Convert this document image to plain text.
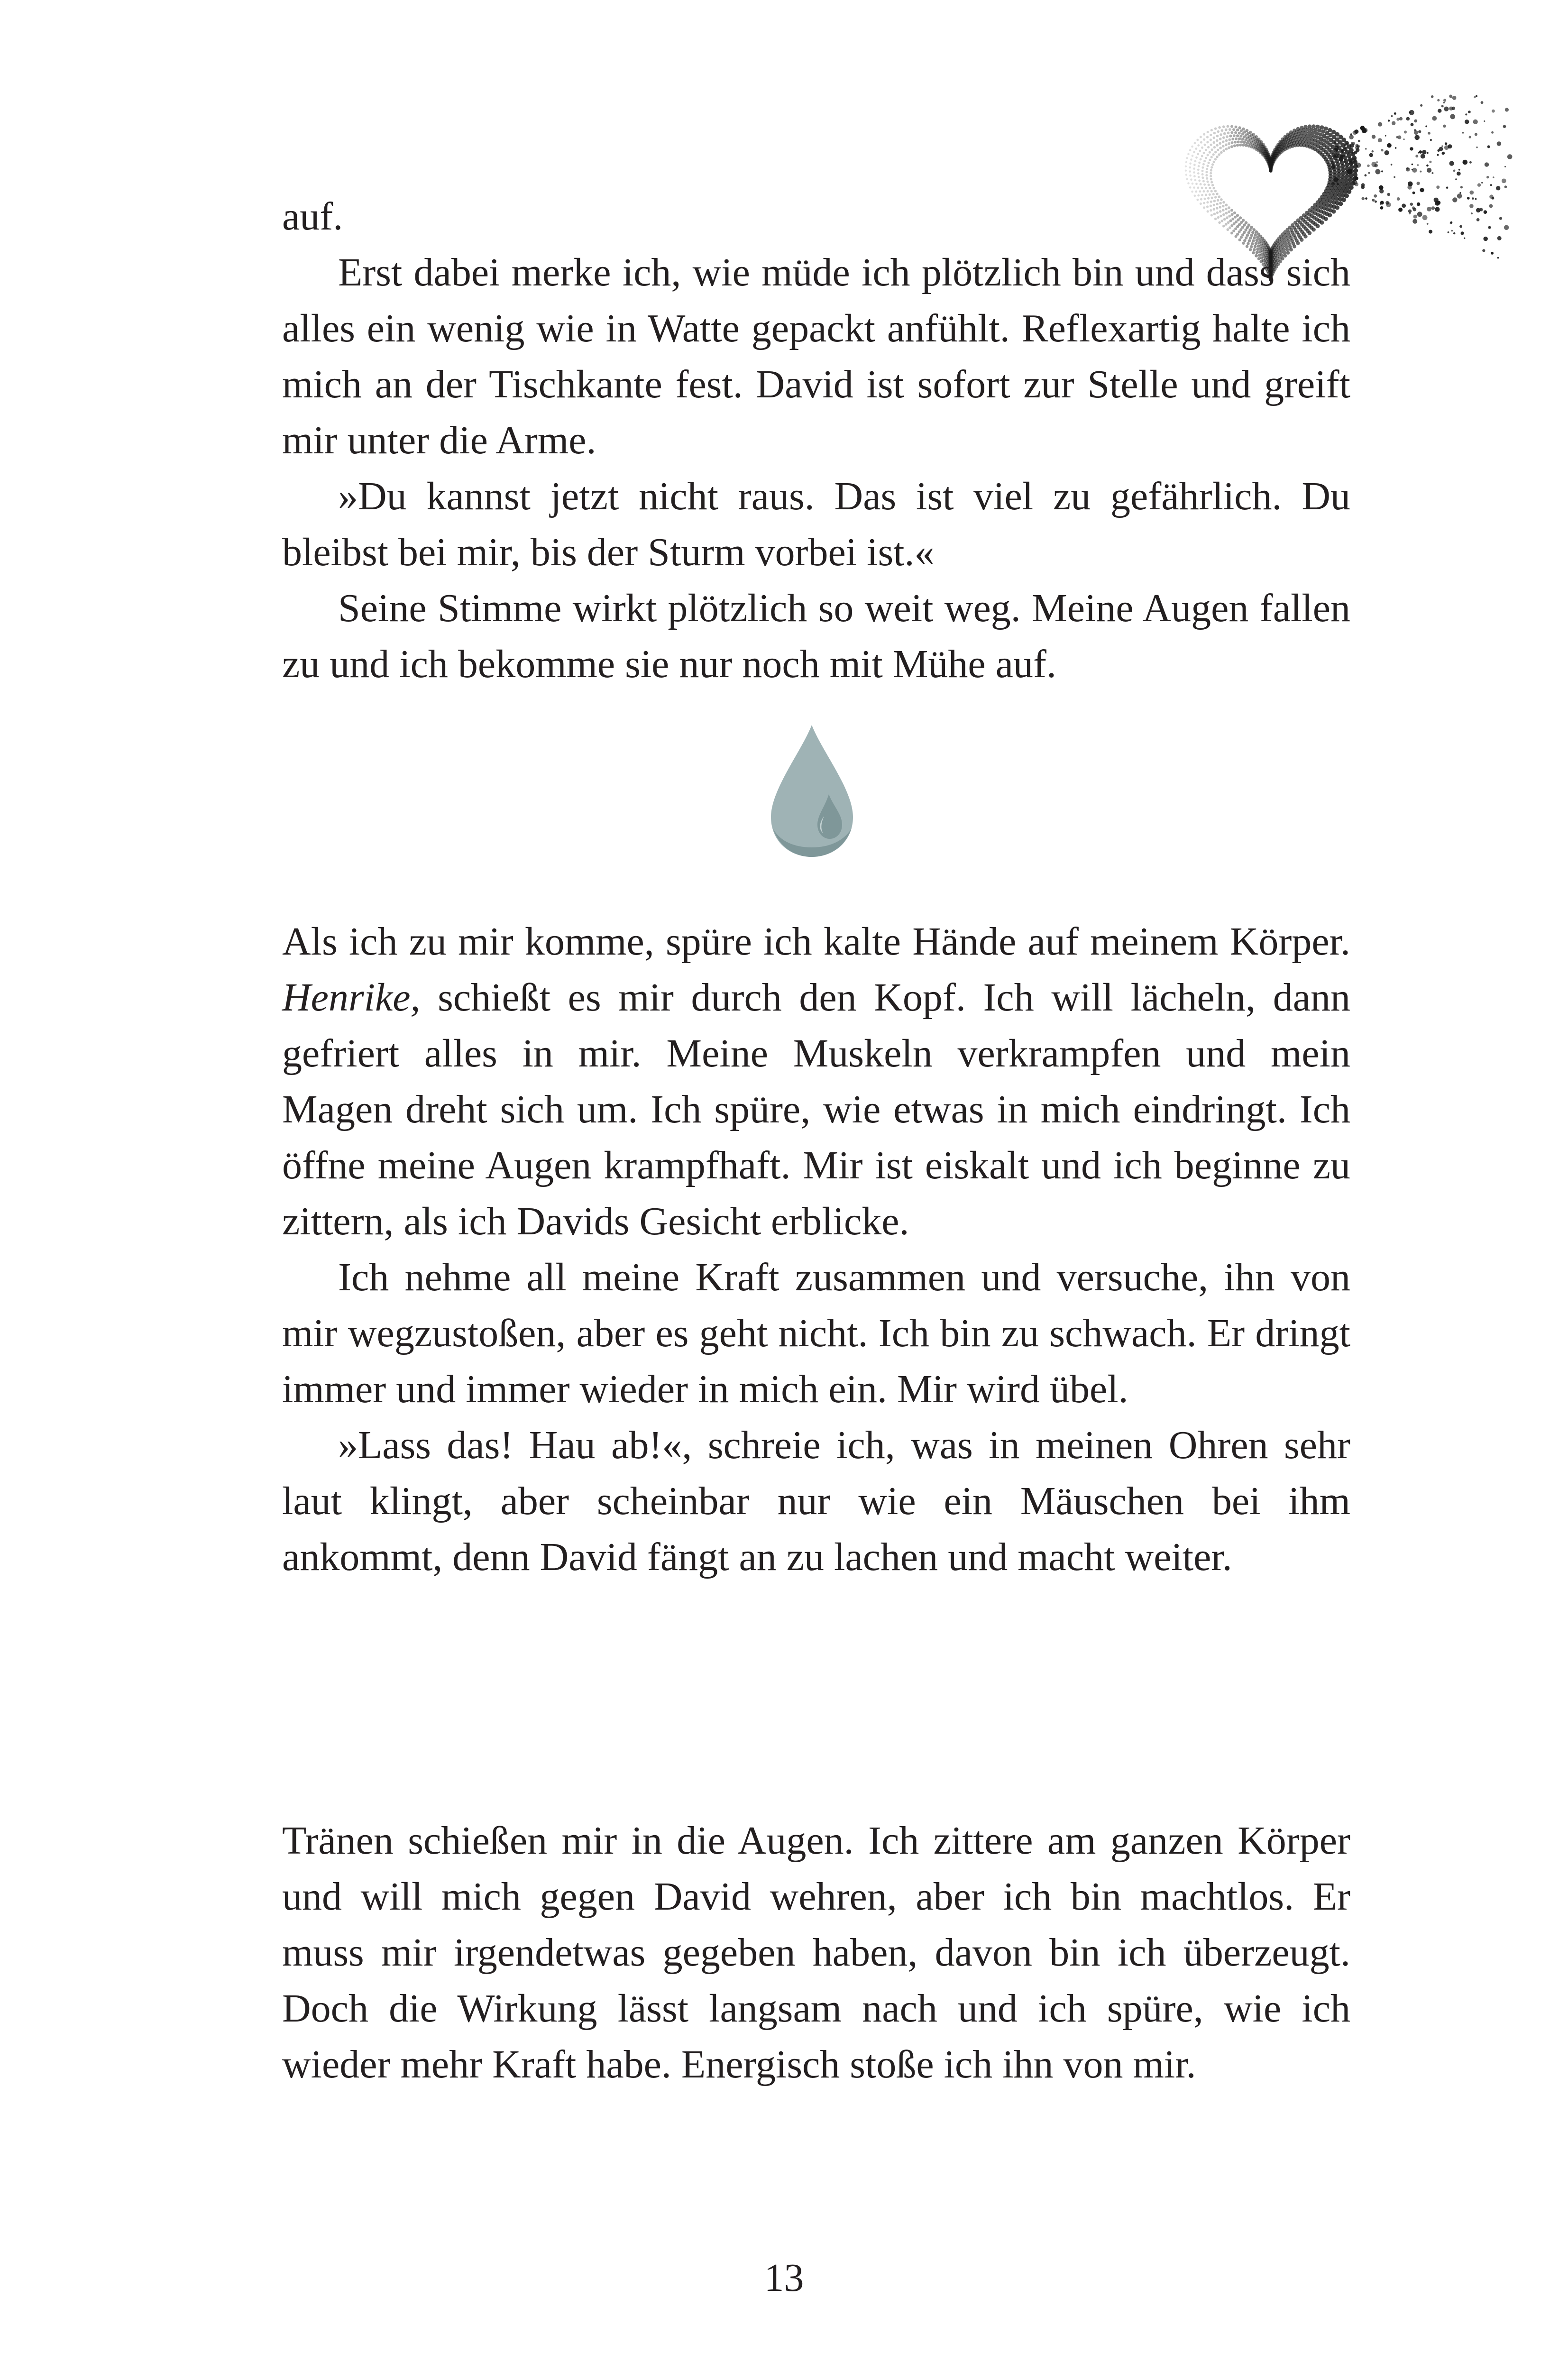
auf.

Erst dabei merke ich, wie müde ich plötzlich bin und dass sich alles ein wenig wie in Watte gepackt anfühlt. Reflexartig halte ich mich an der Tischkante fest. David ist sofort zur Stelle und greift mir unter die Arme.

»Du kannst jetzt nicht raus. Das ist viel zu gefährlich. Du bleibst bei mir, bis der Sturm vorbei ist.«

Seine Stimme wirkt plötzlich so weit weg. Meine Augen fallen zu und ich bekomme sie nur noch mit Mühe auf.

Als ich zu mir komme, spüre ich kalte Hände auf meinem Körper. Henrike, schießt es mir durch den Kopf. Ich will lächeln, dann gefriert alles in mir. Meine Muskeln verkrampfen und mein Magen dreht sich um. Ich spüre, wie etwas in mich eindringt. Ich öffne meine Augen krampfhaft. Mir ist eiskalt und ich beginne zu zittern, als ich Davids Gesicht erblicke.

Ich nehme all meine Kraft zusammen und versuche, ihn von mir wegzustoßen, aber es geht nicht. Ich bin zu schwach. Er dringt immer und immer wieder in mich ein. Mir wird übel.

»Lass das! Hau ab!«, schreie ich, was in meinen Ohren sehr laut klingt, aber scheinbar nur wie ein Mäuschen bei ihm ankommt, denn David fängt an zu lachen und macht weiter.

Tränen schießen mir in die Augen. Ich zittere am ganzen Körper und will mich gegen David wehren, aber ich bin machtlos. Er muss mir irgendetwas gegeben haben, davon bin ich überzeugt. Doch die Wirkung lässt langsam nach und ich spüre, wie ich wieder mehr Kraft habe. Energisch stoße ich ihn von mir.

13
